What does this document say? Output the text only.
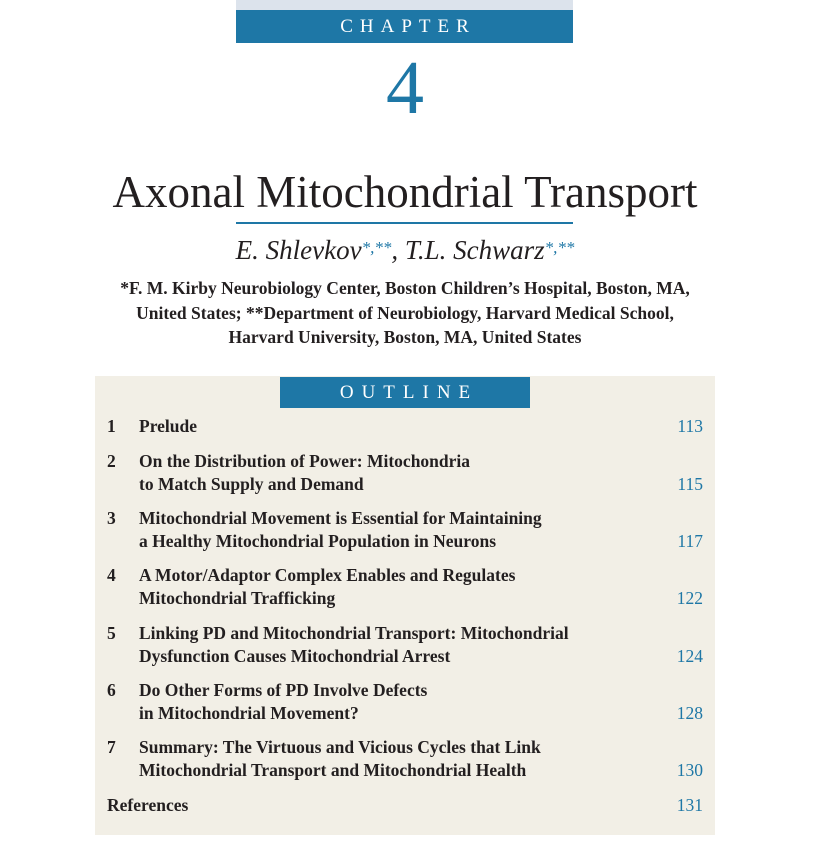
CHAPTER
4
Axonal Mitochondrial Transport
E. Shlevkov*,**, T.L. Schwarz*,**
*F. M. Kirby Neurobiology Center, Boston Children’s Hospital, Boston, MA,
United States; **Department of Neurobiology, Harvard Medical School,
Harvard University, Boston, MA, United States
OUTLINE
1 Prelude	113
2 On the Distribution of Power: Mitochondria
to Match Supply and Demand	115
3 Mitochondrial Movement is Essential for Maintaining
a Healthy Mitochondrial Population in Neurons	117
4 A Motor/Adaptor Complex Enables and Regulates
Mitochondrial Trafficking	122
5 Linking PD and Mitochondrial Transport: Mitochondrial
Dysfunction Causes Mitochondrial Arrest	124
6 Do Other Forms of PD Involve Defects
in Mitochondrial Movement?	128
7 Summary: The Virtuous and Vicious Cycles that Link
Mitochondrial Transport and Mitochondrial Health	130
References	131
